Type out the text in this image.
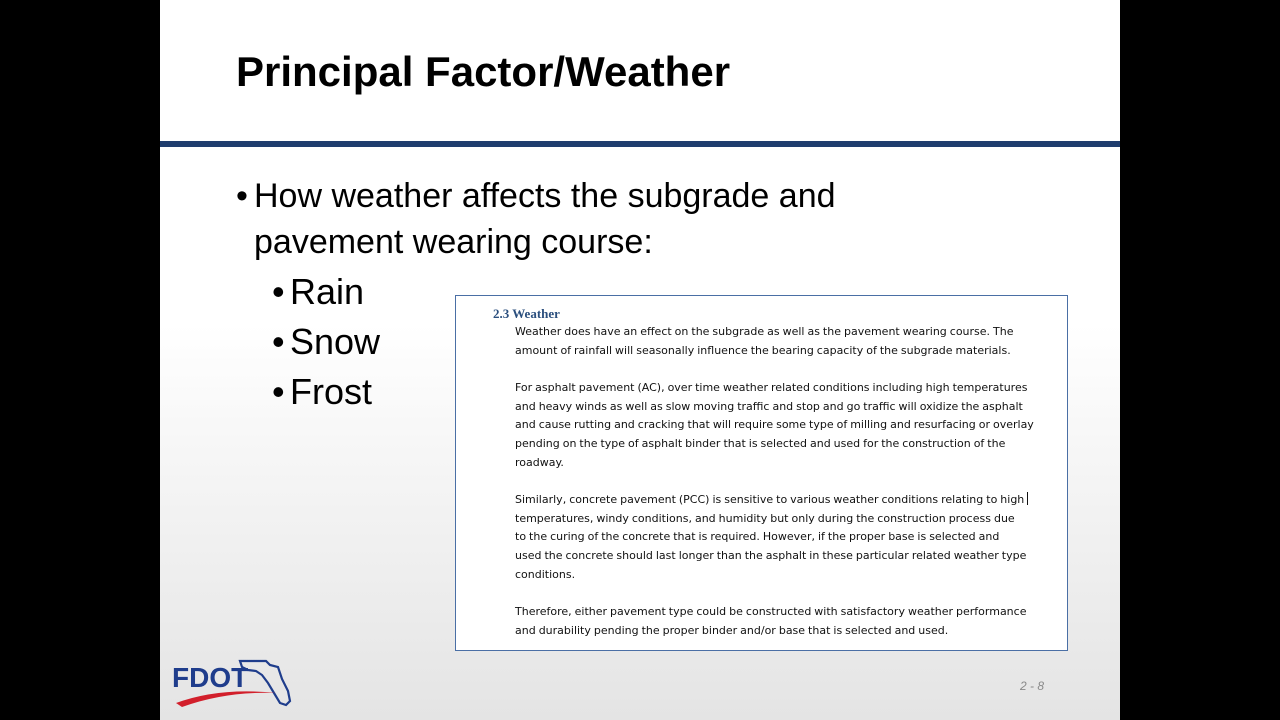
Principal Factor/Weather
• How weather affects the subgrade and
pavement wearing course:
• Rain
• Snow
• Frost
2.3 Weather

Weather does have an effect on the subgrade as well as the pavement wearing course. The
amount of rainfall will seasonally influence the bearing capacity of the subgrade materials.

For asphalt pavement (AC), over time weather related conditions including high temperatures
and heavy winds as well as slow moving traffic and stop and go traffic will oxidize the asphalt
and cause rutting and cracking that will require some type of milling and resurfacing or overlay
pending on the type of asphalt binder that is selected and used for the construction of the
roadway.

Similarly, concrete pavement (PCC) is sensitive to various weather conditions relating to high
temperatures, windy conditions, and humidity but only during the construction process due
to the curing of the concrete that is required. However, if the proper base is selected and
used the concrete should last longer than the asphalt in these particular related weather type
conditions.

Therefore, either pavement type could be constructed with satisfactory weather performance
and durability pending the proper binder and/or base that is selected and used.

FDOT	2 - 8
